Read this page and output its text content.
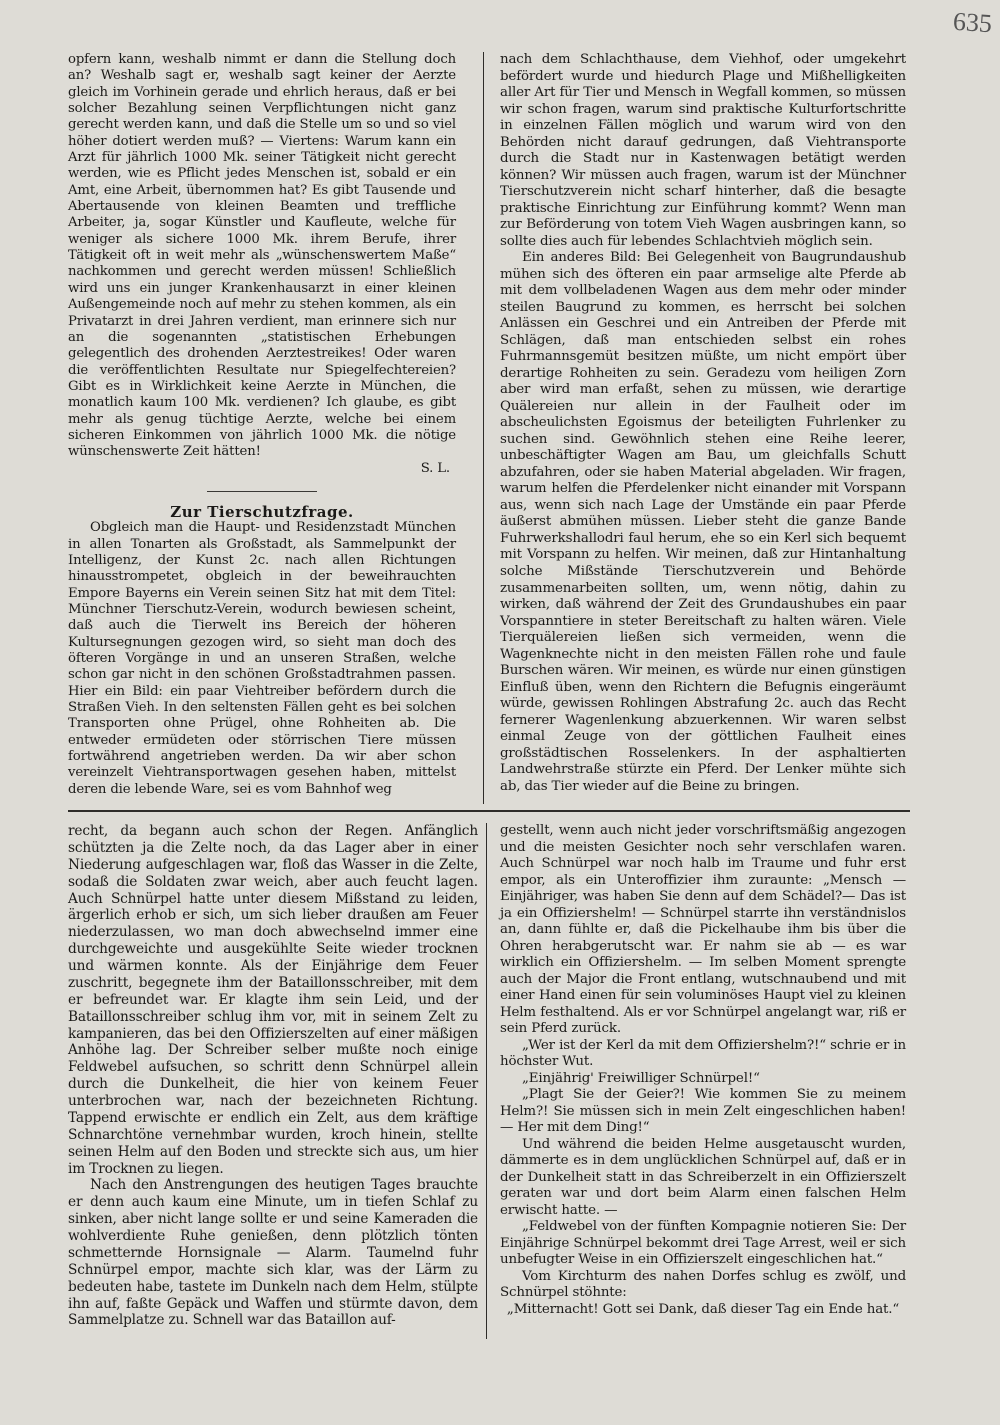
635

opfern kann, weshalb nimmt er dann die Stellung doch an? Weshalb sagt er, weshalb sagt keiner der Aerzte gleich im Vorhinein gerade und ehrlich heraus, daß er bei solcher Bezahlung seinen Verpflichtungen nicht ganz gerecht werden kann, und daß die Stelle um so und so viel höher dotiert werden muß? — Viertens: Warum kann ein Arzt für jährlich 1000 Mk. seiner Tätigkeit nicht gerecht werden, wie es Pflicht jedes Menschen ist, sobald er ein Amt, eine Arbeit, übernommen hat? Es gibt Tausende und Abertausende von kleinen Beamten und treffliche Arbeiter, ja, sogar Künstler und Kaufleute, welche für weniger als sichere 1000 Mk. ihrem Berufe, ihrer Tätigkeit oft in weit mehr als „wünschenswertem Maße“ nachkommen und gerecht werden müssen! Schließlich wird uns ein junger Krankenhausarzt in einer kleinen Außengemeinde noch auf mehr zu stehen kommen, als ein Privatarzt in drei Jahren verdient, man erinnere sich nur an die sogenannten „statistischen Erhebungen gelegentlich des drohenden Aerztestreikes! Oder waren die veröffentlichten Resultate nur Spiegelfechtereien? Gibt es in Wirklichkeit keine Aerzte in München, die monatlich kaum 100 Mk. verdienen? Ich glaube, es gibt mehr als genug tüchtige Aerzte, welche bei einem sicheren Einkommen von jährlich 1000 Mk. die nötige wünschenswerte Zeit hätten!

S. L.

Zur Tierschutzfrage.

Obgleich man die Haupt- und Residenzstadt München in allen Tonarten als Großstadt, als Sammelpunkt der Intelligenz, der Kunst 2c. nach allen Richtungen hinausstrompetet, obgleich in der beweihrauchten Empore Bayerns ein Verein seinen Sitz hat mit dem Titel: Münchner Tierschutz-Verein, wodurch bewiesen scheint, daß auch die Tierwelt ins Bereich der höheren Kultursegnungen gezogen wird, so sieht man doch des öfteren Vorgänge in und an unseren Straßen, welche schon gar nicht in den schönen Großstadtrahmen passen. Hier ein Bild: ein paar Viehtreiber befördern durch die Straßen Vieh. In den seltensten Fällen geht es bei solchen Transporten ohne Prügel, ohne Rohheiten ab. Die entweder ermüdeten oder störrischen Tiere müssen fortwährend angetrieben werden. Da wir aber schon vereinzelt Viehtransportwagen gesehen haben, mittelst deren die lebende Ware, sei es vom Bahnhof weg

nach dem Schlachthause, dem Viehhof, oder umgekehrt befördert wurde und hiedurch Plage und Mißhelligkeiten aller Art für Tier und Mensch in Wegfall kommen, so müssen wir schon fragen, warum sind praktische Kulturfortschritte in einzelnen Fällen möglich und warum wird von den Behörden nicht darauf gedrungen, daß Viehtransporte durch die Stadt nur in Kastenwagen betätigt werden können? Wir müssen auch fragen, warum ist der Münchner Tierschutzverein nicht scharf hinterher, daß die besagte praktische Einrichtung zur Einführung kommt? Wenn man zur Beförderung von totem Vieh Wagen ausbringen kann, so sollte dies auch für lebendes Schlachtvieh möglich sein.

Ein anderes Bild: Bei Gelegenheit von Baugrundaushub mühen sich des öfteren ein paar armselige alte Pferde ab mit dem vollbeladenen Wagen aus dem mehr oder minder steilen Baugrund zu kommen, es herrscht bei solchen Anlässen ein Geschrei und ein Antreiben der Pferde mit Schlägen, daß man entschieden selbst ein rohes Fuhrmannsgemüt besitzen müßte, um nicht empört über derartige Rohheiten zu sein. Geradezu vom heiligen Zorn aber wird man erfaßt, sehen zu müssen, wie derartige Quälereien nur allein in der Faulheit oder im abscheulichsten Egoismus der beteiligten Fuhrlenker zu suchen sind. Gewöhnlich stehen eine Reihe leerer, unbeschäftigter Wagen am Bau, um gleichfalls Schutt abzufahren, oder sie haben Material abgeladen. Wir fragen, warum helfen die Pferdelenker nicht einander mit Vorspann aus, wenn sich nach Lage der Umstände ein paar Pferde äußerst abmühen müssen. Lieber steht die ganze Bande Fuhrwerkshallodri faul herum, ehe so ein Kerl sich bequemt mit Vorspann zu helfen. Wir meinen, daß zur Hintanhaltung solche Mißstände Tierschutzverein und Behörde zusammenarbeiten sollten, um, wenn nötig, dahin zu wirken, daß während der Zeit des Grundaushubes ein paar Vorspanntiere in steter Bereitschaft zu halten wären. Viele Tierquälereien ließen sich vermeiden, wenn die Wagenknechte nicht in den meisten Fällen rohe und faule Burschen wären. Wir meinen, es würde nur einen günstigen Einfluß üben, wenn den Richtern die Befugnis eingeräumt würde, gewissen Rohlingen Abstrafung 2c. auch das Recht fernerer Wagenlenkung abzuerkennen. Wir waren selbst einmal Zeuge von der göttlichen Faulheit eines großstädtischen Rosselenkers. In der asphaltierten Landwehrstraße stürzte ein Pferd. Der Lenker mühte sich ab, das Tier wieder auf die Beine zu bringen.

recht, da begann auch schon der Regen. Anfänglich schützten ja die Zelte noch, da das Lager aber in einer Niederung aufgeschlagen war, floß das Wasser in die Zelte, sodaß die Soldaten zwar weich, aber auch feucht lagen. Auch Schnürpel hatte unter diesem Mißstand zu leiden, ärgerlich erhob er sich, um sich lieber draußen am Feuer niederzulassen, wo man doch abwechselnd immer eine durchgeweichte und ausgekühlte Seite wieder trocknen und wärmen konnte. Als der Einjährige dem Feuer zuschritt, begegnete ihm der Bataillonsschreiber, mit dem er befreundet war. Er klagte ihm sein Leid, und der Bataillonsschreiber schlug ihm vor, mit in seinem Zelt zu kampanieren, das bei den Offizierszelten auf einer mäßigen Anhöhe lag. Der Schreiber selber mußte noch einige Feldwebel aufsuchen, so schritt denn Schnürpel allein durch die Dunkelheit, die hier von keinem Feuer unterbrochen war, nach der bezeichneten Richtung. Tappend erwischte er endlich ein Zelt, aus dem kräftige Schnarchtöne vernehmbar wurden, kroch hinein, stellte seinen Helm auf den Boden und streckte sich aus, um hier im Trocknen zu liegen.

Nach den Anstrengungen des heutigen Tages brauchte er denn auch kaum eine Minute, um in tiefen Schlaf zu sinken, aber nicht lange sollte er und seine Kameraden die wohlverdiente Ruhe genießen, denn plötzlich tönten schmetternde Hornsignale — Alarm. Taumelnd fuhr Schnürpel empor, machte sich klar, was der Lärm zu bedeuten habe, tastete im Dunkeln nach dem Helm, stülpte ihn auf, faßte Gepäck und Waffen und stürmte davon, dem Sammelplatze zu. Schnell war das Bataillon auf-

gestellt, wenn auch nicht jeder vorschriftsmäßig angezogen und die meisten Gesichter noch sehr verschlafen waren. Auch Schnürpel war noch halb im Traume und fuhr erst empor, als ein Unteroffizier ihm zuraunte: „Mensch — Einjähriger, was haben Sie denn auf dem Schädel?— Das ist ja ein Offiziershelm! — Schnürpel starrte ihn verständnislos an, dann fühlte er, daß die Pickelhaube ihm bis über die Ohren herabgerutscht war. Er nahm sie ab — es war wirklich ein Offiziershelm. — Im selben Moment sprengte auch der Major die Front entlang, wutschnaubend und mit einer Hand einen für sein voluminöses Haupt viel zu kleinen Helm festhaltend. Als er vor Schnürpel angelangt war, riß er sein Pferd zurück.

„Wer ist der Kerl da mit dem Offiziershelm?!“ schrie er in höchster Wut.

„Einjährig' Freiwilliger Schnürpel!“

„Plagt Sie der Geier?! Wie kommen Sie zu meinem Helm?! Sie müssen sich in mein Zelt eingeschlichen haben! — Her mit dem Ding!“

Und während die beiden Helme ausgetauscht wurden, dämmerte es in dem unglücklichen Schnürpel auf, daß er in der Dunkelheit statt in das Schreiberzelt in ein Offizierszelt geraten war und dort beim Alarm einen falschen Helm erwischt hatte. —

„Feldwebel von der fünften Kompagnie notieren Sie: Der Einjährige Schnürpel bekommt drei Tage Arrest, weil er sich unbefugter Weise in ein Offizierszelt eingeschlichen hat.“

Vom Kirchturm des nahen Dorfes schlug es zwölf, und Schnürpel stöhnte:

„Mitternacht! Gott sei Dank, daß dieser Tag ein Ende hat.“
